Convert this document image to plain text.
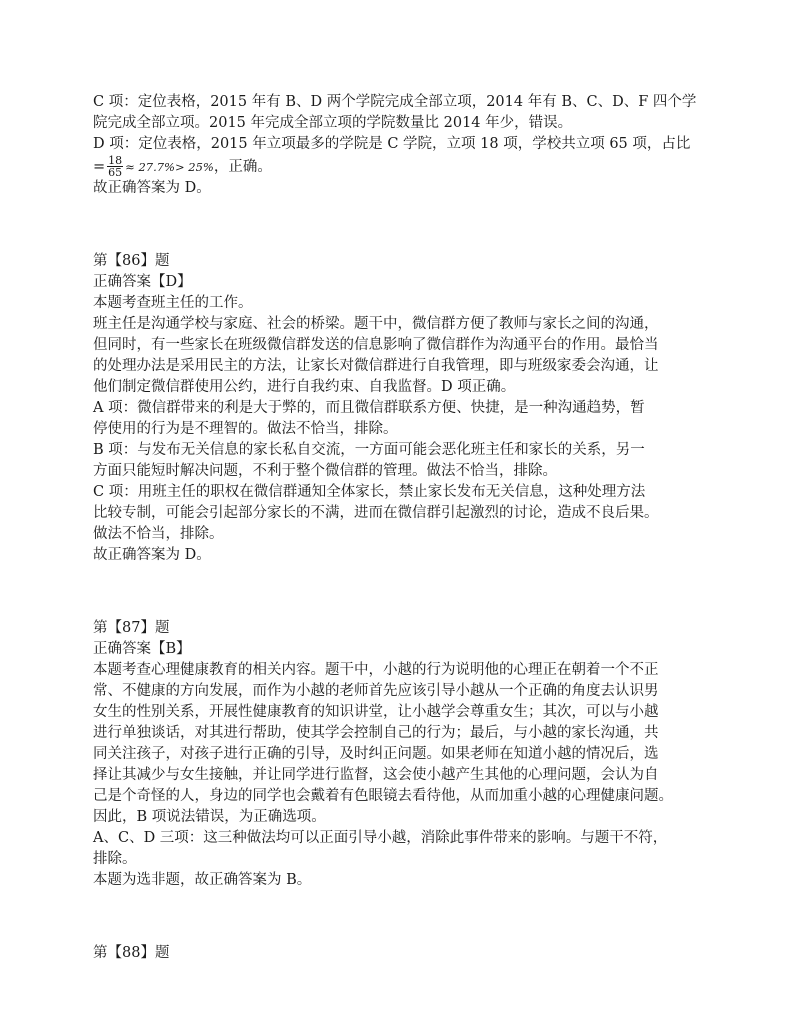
C 项：定位表格，2015 年有 B、D 两个学院完成全部立项，2014 年有 B、C、D、F 四个学

院完成全部立项。2015 年完成全部立项的学院数量比 2014 年少，错误。

D 项：定位表格，2015 年立项最多的学院是 C 学院，立项 18 项，学校共立项 65 项，占比

= $\frac{18}{65} \approx 27.7\%> 25\%$ ，正确。

故正确答案为 D。

第【86】题

正确答案【D】

本题考查班主任的工作。

班主任是沟通学校与家庭、社会的桥梁。题干中，微信群方便了教师与家长之间的沟通，

但同时，有一些家长在班级微信群发送的信息影响了微信群作为沟通平台的作用。最恰当

的处理办法是采用民主的方法，让家长对微信群进行自我管理，即与班级家委会沟通，让

他们制定微信群使用公约，进行自我约束、自我监督。D 项正确。

A 项：微信群带来的利是大于弊的，而且微信群联系方便、快捷，是一种沟通趋势，暂

停使用的行为是不理智的。做法不恰当，排除。

B 项：与发布无关信息的家长私自交流，一方面可能会恶化班主任和家长的关系，另一

方面只能短时解决问题，不利于整个微信群的管理。做法不恰当，排除。

C 项：用班主任的职权在微信群通知全体家长，禁止家长发布无关信息，这种处理方法

比较专制，可能会引起部分家长的不满，进而在微信群引起激烈的讨论，造成不良后果。

做法不恰当，排除。

故正确答案为 D。

第【87】题

正确答案【B】

本题考查心理健康教育的相关内容。题干中，小越的行为说明他的心理正在朝着一个不正

常、不健康的方向发展，而作为小越的老师首先应该引导小越从一个正确的角度去认识男

女生的性别关系，开展性健康教育的知识讲堂，让小越学会尊重女生；其次，可以与小越

进行单独谈话，对其进行帮助，使其学会控制自己的行为；最后，与小越的家长沟通，共

同关注孩子，对孩子进行正确的引导，及时纠正问题。如果老师在知道小越的情况后，选

择让其减少与女生接触，并让同学进行监督，这会使小越产生其他的心理问题，会认为自

己是个奇怪的人，身边的同学也会戴着有色眼镜去看待他，从而加重小越的心理健康问题。

因此，B 项说法错误，为正确选项。

A、C、D 三项：这三种做法均可以正面引导小越，消除此事件带来的影响。与题干不符，

排除。

本题为选非题，故正确答案为 B。

第【88】题
